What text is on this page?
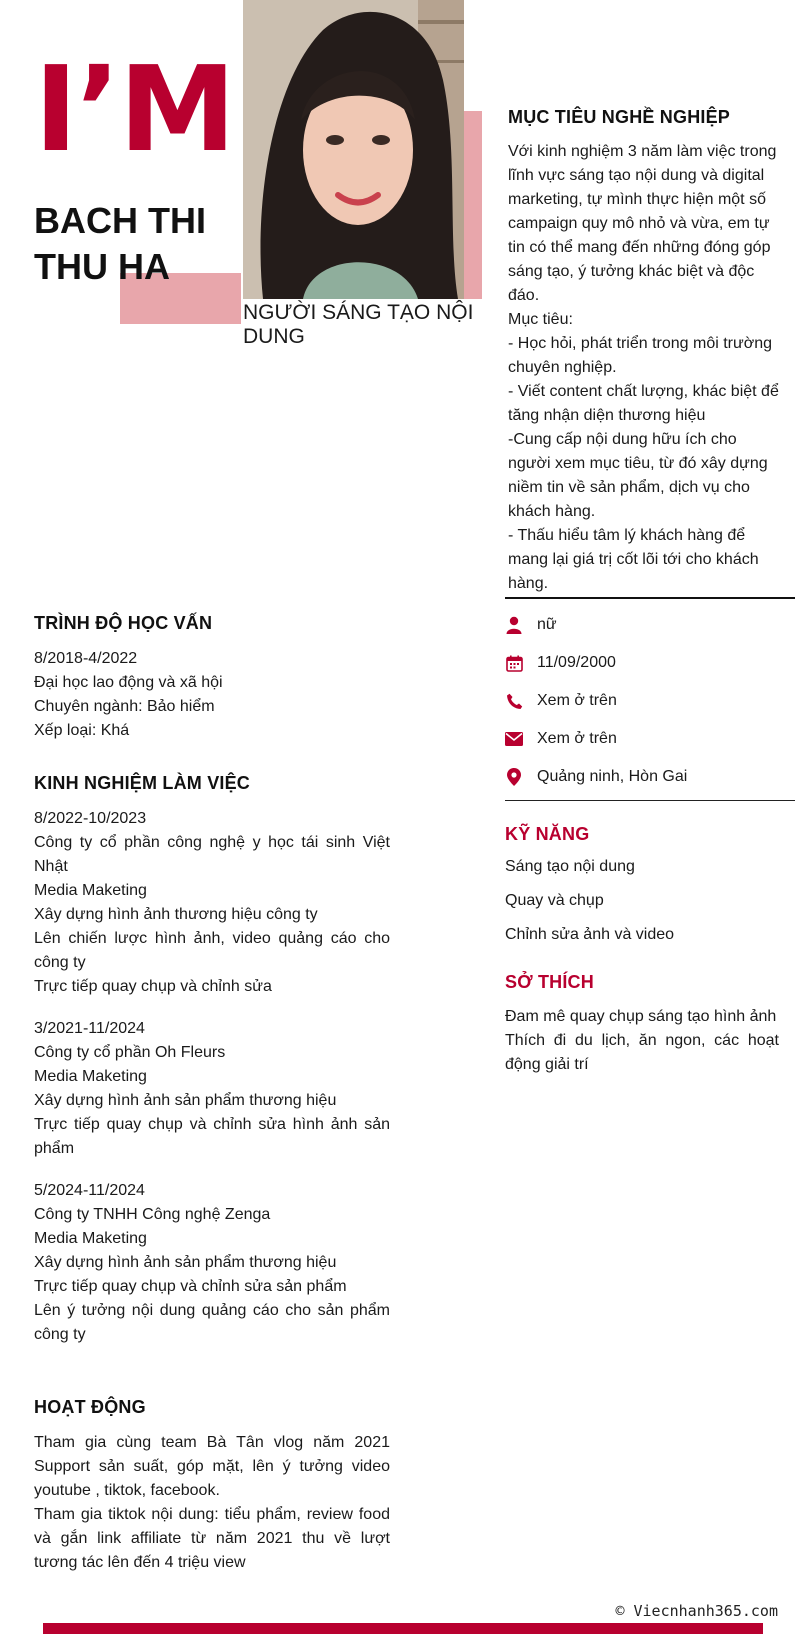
I’M
BACH THI
THU HA
NGƯỜI SÁNG TẠO NỘI DUNG
MỤC TIÊU NGHỀ NGHIỆP
Với kinh nghiệm 3 năm làm việc trong lĩnh vực sáng tạo nội dung và digital marketing, tự mình thực hiện một số campaign quy mô nhỏ và vừa, em tự tin có thể mang đến những đóng góp sáng tạo, ý tưởng khác biệt và độc đáo.
Mục tiêu:
- Học hỏi, phát triển trong môi trường chuyên nghiệp.
- Viết content chất lượng, khác biệt để tăng nhận diện thương hiệu
-Cung cấp nội dung hữu ích cho người xem mục tiêu, từ đó xây dựng niềm tin về sản phẩm, dịch vụ cho khách hàng.
- Thấu hiểu tâm lý khách hàng để mang lại giá trị cốt lõi tới cho khách hàng.
nữ
11/09/2000
Xem ở trên
Xem ở trên
Quảng ninh, Hòn Gai
KỸ NĂNG
Sáng tạo nội dung
Quay và chụp
Chỉnh sửa ảnh và video
SỞ THÍCH
Đam mê quay chụp sáng tạo hình ảnh
Thích đi du lịch, ăn ngon, các hoạt động giải trí
TRÌNH ĐỘ HỌC VẤN
8/2018-4/2022
Đại học lao động và xã hội
Chuyên ngành: Bảo hiểm
Xếp loại: Khá
KINH NGHIỆM LÀM VIỆC
8/2022-10/2023
Công ty cổ phần công nghệ y học tái sinh Việt Nhật
Media Maketing
Xây dựng hình ảnh thương hiệu công ty
Lên chiến lược hình ảnh, video quảng cáo cho công ty
Trực tiếp quay chụp và chỉnh sửa
3/2021-11/2024
Công ty cổ phần Oh Fleurs
Media Maketing
Xây dựng hình ảnh sản phẩm thương hiệu
Trực tiếp quay chụp và chỉnh sửa hình ảnh sản phẩm
5/2024-11/2024
Công ty TNHH Công nghệ Zenga
Media Maketing
Xây dựng hình ảnh sản phẩm thương hiệu
Trực tiếp quay chụp và chỉnh sửa sản phẩm
Lên ý tưởng nội dung quảng cáo cho sản phẩm công ty
HOẠT ĐỘNG
Tham gia cùng team Bà Tân vlog năm 2021 Support sản suất, góp mặt, lên ý tưởng video youtube , tiktok, facebook.
Tham gia tiktok nội dung: tiểu phẩm, review food và gắn link affiliate từ năm 2021 thu về lượt tương tác lên đến 4 triệu view
© Viecnhanh365.com
